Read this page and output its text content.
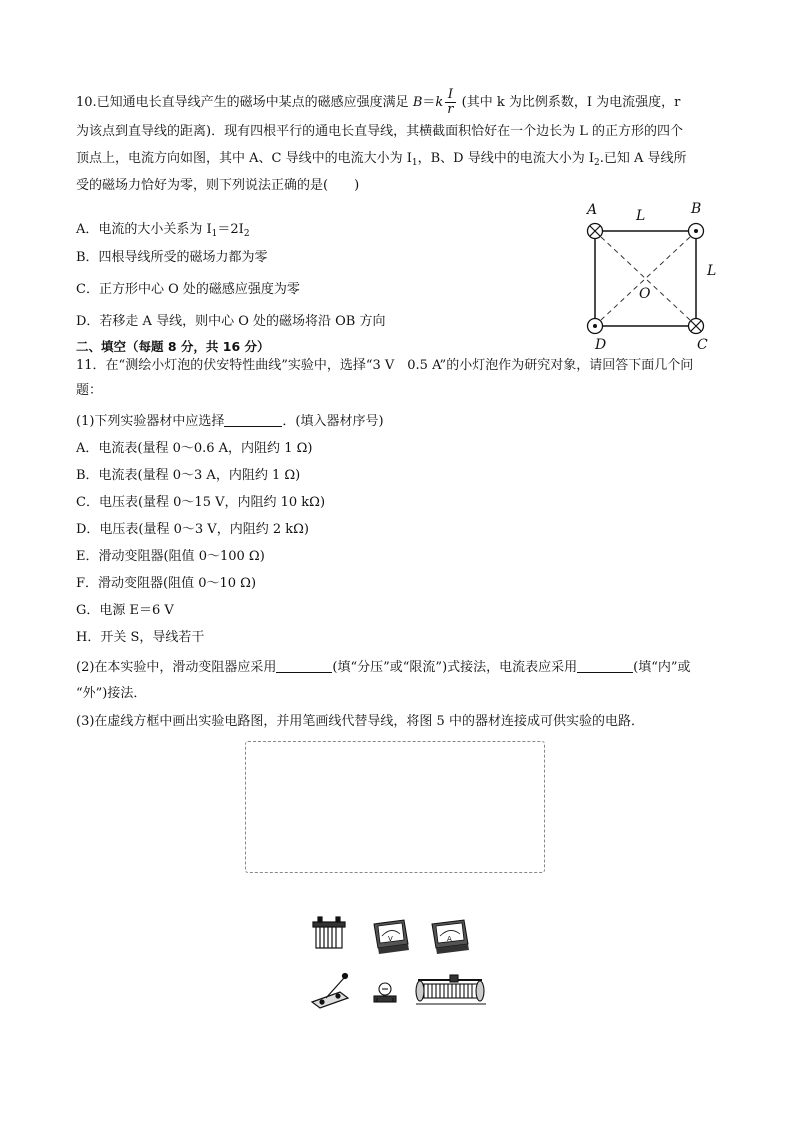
10.已知通电长直导线产生的磁场中某点的磁感应强度满足 $B=k \frac{I}{r}$ (其中 k 为比例系数，I 为电流强度，r
为该点到直导线的距离)．现有四根平行的通电长直导线，其横截面积恰好在一个边长为 L 的正方形的四个
顶点上，电流方向如图，其中 A、C 导线中的电流大小为 $I_1$，B、D 导线中的电流大小为 $I_2$.已知 A 导线所
受的磁场力恰好为零，则下列说法正确的是(　　)
A．电流的大小关系为 $I_1=2I_2$
B．四根导线所受的磁场力都为零
C．正方形中心 O 处的磁感应强度为零
D．若移走 A 导线，则中心 O 处的磁场将沿 OB 方向
A	B
L
L
O
D	C
二、填空（每题 8 分，共 16 分）
11．在“测绘小灯泡的伏安特性曲线”实验中，选择“3 V　0.5 A”的小灯泡作为研究对象，请回答下面几个问
题：
(1)下列实验器材中应选择	．(填入器材序号)
A．电流表(量程 0～0.6 A，内阻约 1 Ω)
B．电流表(量程 0～3 A，内阻约 1 Ω)
C．电压表(量程 0～15 V，内阻约 10 kΩ)
D．电压表(量程 0～3 V，内阻约 2 kΩ)
E．滑动变阻器(阻值 0～100 Ω)
F．滑动变阻器(阻值 0～10 Ω)
G．电源 E＝6 V
H．开关 S，导线若干
(2)在本实验中，滑动变阻器应采用	(填“分压”或“限流”)式接法，电流表应采用	(填“内”或
“外”)接法．
(3)在虚线方框中画出实验电路图，并用笔画线代替导线，将图 5 中的器材连接成可供实验的电路．
V	A
